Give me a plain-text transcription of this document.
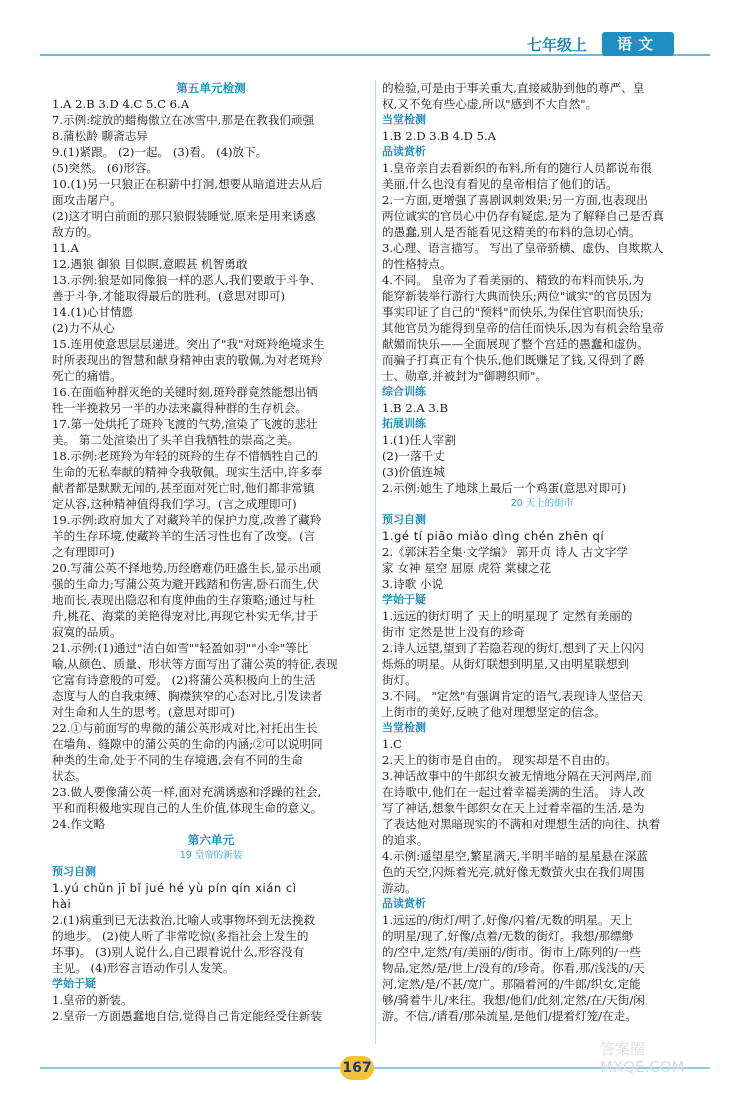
七年级上	语文
第五单元检测
1.A 2.B 3.D 4.C 5.C 6.A
7.示例:绽放的蜡梅傲立在冰雪中,那是在教我们顽强
8.蒲松龄 聊斋志异
9.(1)紧跟。 (2)一起。 (3)看。 (4)放下。
(5)突然。 (6)形容。
10.(1)另一只狼正在积薪中打洞,想要从暗道进去从后
面攻击屠户。
(2)这才明白前面的那只狼假装睡觉,原来是用来诱惑
敌方的。
11.A
12.遇狼 御狼 目似瞑,意暇甚 机智勇敢
13.示例:狼是如同像狼一样的恶人,我们要敢于斗争、
善于斗争,才能取得最后的胜利。(意思对即可)
14.(1)心甘情愿
(2)力不从心
15.连用使意思层层递进。突出了"我"对斑羚绝境求生
时所表现出的智慧和献身精神由衷的敬佩,为对老斑羚
死亡的痛惜。
16.在面临种群灭绝的关键时刻,斑羚群竟然能想出牺
牲一半挽救另一半的办法来赢得种群的生存机会。
17.第一处烘托了斑羚飞渡的气势,渲染了飞渡的悲壮
美。 第二处渲染出了头羊自我牺牲的崇高之美。
18.示例:老斑羚为年轻的斑羚的生存不惜牺牲自己的
生命的无私奉献的精神令我敬佩。现实生活中,许多奉
献者都是默默无闻的,甚至面对死亡时,他们都非常镇
定从容,这种精神值得我们学习。(言之成理即可)
19.示例:政府加大了对藏羚羊的保护力度,改善了藏羚
羊的生存环境,使藏羚羊的生活习性也有了改变。(言
之有理即可)
20.写蒲公英不择地势,历经磨难仍旺盛生长,显示出顽
强的生命力;写蒲公英为避开践踏和伤害,卧石而生,伏
地而长,表现出隐忍和有度伸曲的生存策略;通过与杜
升,桃花、海棠的美艳得宠对比,再现它朴实无华,甘于
寂寞的品质。
21.示例:(1)通过"洁白如雪""轻盈如羽""小伞"等比
喻,从颜色、质量、形状等方面写出了蒲公英的特征,表现
它富有诗意般的可爱。 (2)将蒲公英积极向上的生活
态度与人的自我束缚、胸襟狭窄的心态对比,引发读者
对生命和人生的思考。(意思对即可)
22.①与前面写的卑微的蒲公英形成对比,衬托出生长
在墙角、缝隙中的蒲公英的生命的内涵;②可以说明同
种类的生命,处于不同的生存境遇,会有不同的生命
状态。
23.做人要像蒲公英一样,面对充满诱惑和浮躁的社会,
平和而积极地实现自己的人生价值,体现生命的意义。
24.作文略
第六单元
19 皇帝的新装
预习自测
1.yú chǔn jī bǐ jué hé yù pín qín xián cì
hài
2.(1)病重到已无法救治,比喻人或事物坏到无法挽救
的地步。 (2)使人听了非常吃惊(多指社会上发生的
坏事)。 (3)别人说什么,自己跟着说什么,形容没有
主见。 (4)形容言语动作引人发笑。
学始于疑
1.皇帝的新装。
2.皇帝一方面愚蠢地自信,觉得自己肯定能经受住新装
的检验,可是由于事关重大,直接威胁到他的尊严、皇
权,又不免有些心虚,所以"感到不大自然"。
当堂检测
1.B 2.D 3.B 4.D 5.A
品读赏析
1.皇帝亲自去看新织的布料,所有的随行人员都说布很
美丽,什么也没有看见的皇帝相信了他们的话。
2.一方面,更增强了喜剧讽刺效果;另一方面,也表现出
两位诚实的官员心中仍存有疑虑,是为了解释自己是否真
的愚蠢,别人是否能看见这精美的布料的急切心情。
3.心理、语言描写。 写出了皇帝骄横、虚伪、自欺欺人
的性格特点。
4.不同。 皇帝为了看美丽的、精致的布料而快乐,为
能穿新装举行游行大典而快乐;两位"诚实"的官员因为
事实印证了自己的"预料"而快乐,为保住官职而快乐;
其他官员为能得到皇帝的信任而快乐,因为有机会给皇帝
献媚而快乐——全面展现了整个宫廷的愚蠢和虚伪。
而骗子打真正有个快乐,他们既赚足了钱,又得到了爵
士、勋章,并被封为"御聘织师"。
综合训练
1.B 2.A 3.B
拓展训练
1.(1)任人宰割
(2)一落千丈
(3)价值连城
2.示例:她生了地球上最后一个鸡蛋(意思对即可)
20 天上的街市
预习自测
1.gé tí piāo miǎo dìng chén zhēn qí
2.《郭沫若全集·文学编》 郭开贞 诗人 古文字学
家 女神 星空 屈原 虎符 棠棣之花
3.诗歌 小说
学始于疑
1.远远的街灯明了 天上的明星现了 定然有美丽的
街市 定然是世上没有的珍奇
2.诗人远望,望到了若隐若现的街灯,想到了天上闪闪
烁烁的明星。从街灯联想到明星,又由明星联想到
街灯。
3.不同。 "定然"有强调肯定的语气,表现诗人坚信天
上街市的美好,反映了他对理想坚定的信念。
当堂检测
1.C
2.天上的街市是自由的。 现实却是不自由的。
3.神话故事中的牛郎织女被无情地分隔在天河两岸,而
在诗歌中,他们在一起过着幸福美满的生活。 诗人改
写了神话,想象牛郎织女在天上过着幸福的生活,是为
了表达他对黑暗现实的不满和对理想生活的向往、执着
的追求。
4.示例:遥望星空,繁星满天,半明半暗的星星悬在深蓝
色的天空,闪烁着光亮,就好像无数萤火虫在我们周围
游动。
品读赏析
1.远远的/街灯/明了,好像/闪着/无数的明星。天上
的明星/现了,好像/点着/无数的街灯。我想/那缥缈
的/空中,定然/有/美丽的/街市。街市上/陈列的/一些
物品,定然/是/世上/没有的/珍奇。你看,那/浅浅的/天
河,定然/是/不甚/宽广。那隔着河的/牛郎/织女,定能
够/骑着牛儿/来往。我想/他们/此刻,定然/在/天街/闲
游。不信,/请看/那朵流星,是他们/提着灯笼/在走。
167
答案圈
MXQE.COM
